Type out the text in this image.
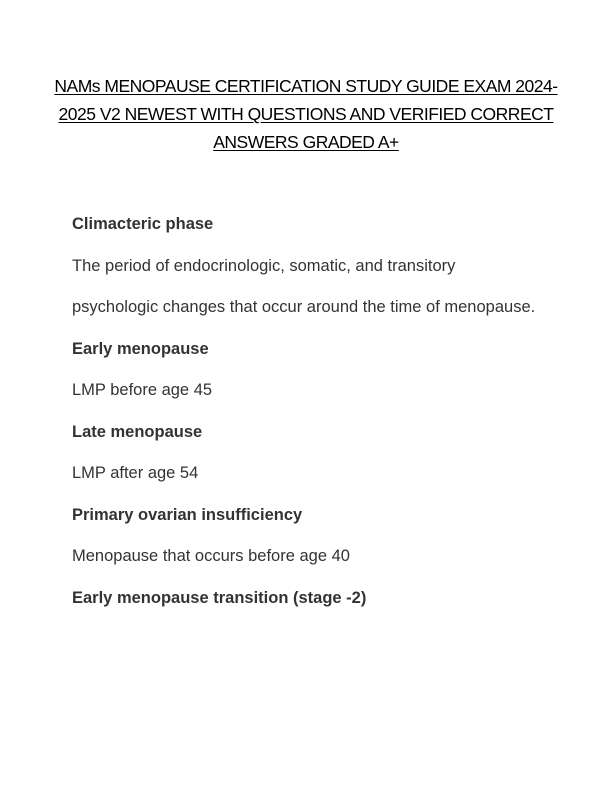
NAMs MENOPAUSE CERTIFICATION STUDY GUIDE EXAM 2024-2025 V2 NEWEST WITH QUESTIONS AND VERIFIED CORRECT ANSWERS GRADED A+

Climacteric phase

The period of endocrinologic, somatic, and transitory psychologic changes that occur around the time of menopause.

Early menopause

LMP before age 45

Late menopause

LMP after age 54

Primary ovarian insufficiency

Menopause that occurs before age 40

Early menopause transition (stage -2)
